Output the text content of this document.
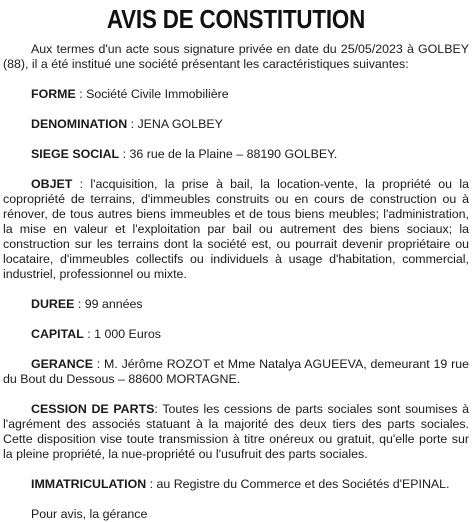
AVIS DE CONSTITUTION

Aux termes d'un acte sous signature privée en date du 25/05/2023 à GOLBEY (88), il a été institué une société présentant les caractéristiques suivantes:

FORME : Société Civile Immobilière

DENOMINATION : JENA GOLBEY

SIEGE SOCIAL : 36 rue de la Plaine – 88190 GOLBEY.

OBJET : l'acquisition, la prise à bail, la location-vente, la propriété ou la copropriété de terrains, d'immeubles construits ou en cours de construction ou à rénover, de tous autres biens immeubles et de tous biens meubles; l'administration, la mise en valeur et l'exploitation par bail ou autrement des biens sociaux; la construction sur les terrains dont la société est, ou pourrait devenir propriétaire ou locataire, d'immeubles collectifs ou individuels à usage d'habitation, commercial, industriel, professionnel ou mixte.

DUREE : 99 années

CAPITAL : 1 000 Euros

GERANCE : M. Jérôme ROZOT et Mme Natalya AGUEEVA, demeurant 19 rue du Bout du Dessous – 88600 MORTAGNE.

CESSION DE PARTS: Toutes les cessions de parts sociales sont soumises à l'agrément des associés statuant à la majorité des deux tiers des parts sociales. Cette disposition vise toute transmission à titre onéreux ou gratuit, qu'elle porte sur la pleine propriété, la nue-propriété ou l'usufruit des parts sociales.

IMMATRICULATION : au Registre du Commerce et des Sociétés d'EPINAL.

Pour avis, la gérance
